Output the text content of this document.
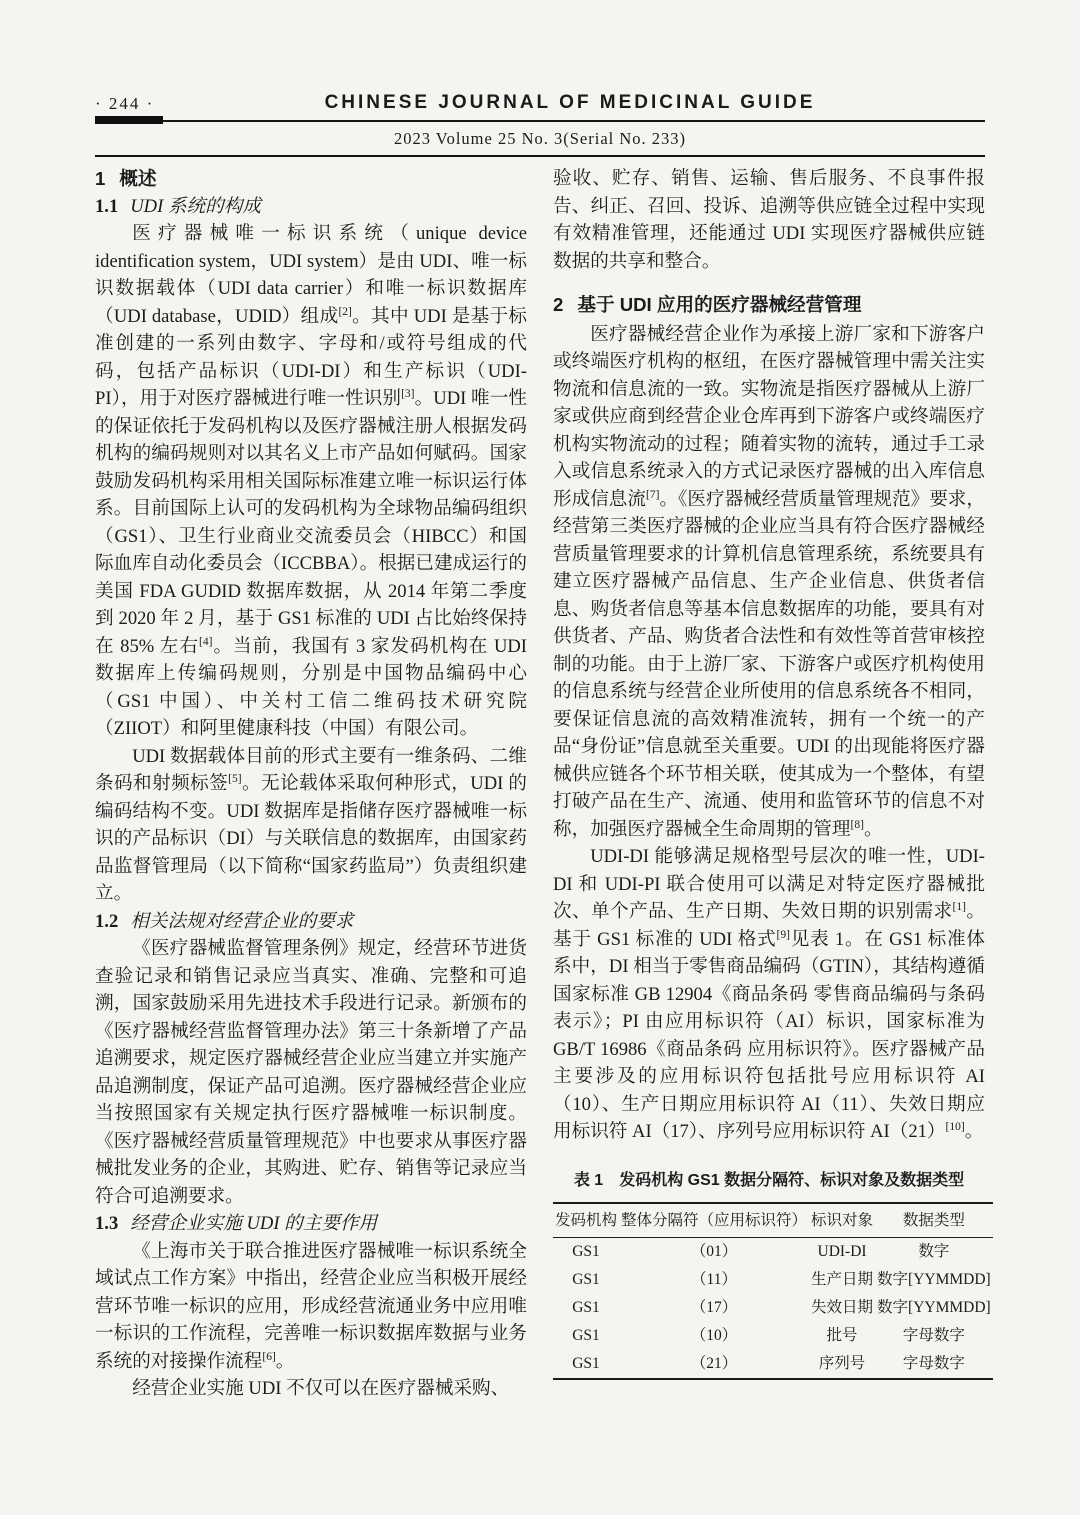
· 244 ·	CHINESE JOURNAL OF MEDICINAL GUIDE
2023 Volume 25 No. 3(Serial No. 233)
1 概述
1.1 UDI 系统的构成

医疗器械唯一标识系统（unique device identification system，UDI system）是由 UDI、唯一标识数据载体（UDI data carrier）和唯一标识数据库（UDI database，UDID）组成[2]。其中 UDI 是基于标准创建的一系列由数字、字母和/或符号组成的代码，包括产品标识（UDI-DI）和生产标识（UDI-PI），用于对医疗器械进行唯一性识别[3]。UDI 唯一性的保证依托于发码机构以及医疗器械注册人根据发码机构的编码规则对以其名义上市产品如何赋码。国家鼓励发码机构采用相关国际标准建立唯一标识运行体系。目前国际上认可的发码机构为全球物品编码组织（GS1）、卫生行业商业交流委员会（HIBCC）和国际血库自动化委员会（ICCBBA）。根据已建成运行的美国 FDA GUDID 数据库数据，从 2014 年第二季度到 2020 年 2 月，基于 GS1 标准的 UDI 占比始终保持在 85% 左右[4]。当前，我国有 3 家发码机构在 UDI 数据库上传编码规则，分别是中国物品编码中心（GS1 中国）、中关村工信二维码技术研究院（ZIIOT）和阿里健康科技（中国）有限公司。

UDI 数据载体目前的形式主要有一维条码、二维条码和射频标签[5]。无论载体采取何种形式，UDI 的编码结构不变。UDI 数据库是指储存医疗器械唯一标识的产品标识（DI）与关联信息的数据库，由国家药品监督管理局（以下简称“国家药监局”）负责组织建立。

1.2 相关法规对经营企业的要求

《医疗器械监督管理条例》规定，经营环节进货查验记录和销售记录应当真实、准确、完整和可追溯，国家鼓励采用先进技术手段进行记录。新颁布的《医疗器械经营监督管理办法》第三十条新增了产品追溯要求，规定医疗器械经营企业应当建立并实施产品追溯制度，保证产品可追溯。医疗器械经营企业应当按照国家有关规定执行医疗器械唯一标识制度。《医疗器械经营质量管理规范》中也要求从事医疗器械批发业务的企业，其购进、贮存、销售等记录应当符合可追溯要求。

1.3 经营企业实施 UDI 的主要作用

《上海市关于联合推进医疗器械唯一标识系统全域试点工作方案》中指出，经营企业应当积极开展经营环节唯一标识的应用，形成经营流通业务中应用唯一标识的工作流程，完善唯一标识数据库数据与业务系统的对接操作流程[6]。

经营企业实施 UDI 不仅可以在医疗器械采购、

验收、贮存、销售、运输、售后服务、不良事件报告、纠正、召回、投诉、追溯等供应链全过程中实现有效精准管理，还能通过 UDI 实现医疗器械供应链数据的共享和整合。

2 基于 UDI 应用的医疗器械经营管理

医疗器械经营企业作为承接上游厂家和下游客户或终端医疗机构的枢纽，在医疗器械管理中需关注实物流和信息流的一致。实物流是指医疗器械从上游厂家或供应商到经营企业仓库再到下游客户或终端医疗机构实物流动的过程；随着实物的流转，通过手工录入或信息系统录入的方式记录医疗器械的出入库信息形成信息流[7]。《医疗器械经营质量管理规范》要求，经营第三类医疗器械的企业应当具有符合医疗器械经营质量管理要求的计算机信息管理系统，系统要具有建立医疗器械产品信息、生产企业信息、供货者信息、购货者信息等基本信息数据库的功能，要具有对供货者、产品、购货者合法性和有效性等首营审核控制的功能。由于上游厂家、下游客户或医疗机构使用的信息系统与经营企业所使用的信息系统各不相同，要保证信息流的高效精准流转，拥有一个统一的产品“身份证”信息就至关重要。UDI 的出现能将医疗器械供应链各个环节相关联，使其成为一个整体，有望打破产品在生产、流通、使用和监管环节的信息不对称，加强医疗器械全生命周期的管理[8]。

UDI-DI 能够满足规格型号层次的唯一性，UDI-DI 和 UDI-PI 联合使用可以满足对特定医疗器械批次、单个产品、生产日期、失效日期的识别需求[1]。基于 GS1 标准的 UDI 格式[9]见表 1。在 GS1 标准体系中，DI 相当于零售商品编码（GTIN），其结构遵循国家标准 GB 12904《商品条码 零售商品编码与条码表示》；PI 由应用标识符（AI）标识，国家标准为 GB/T 16986《商品条码 应用标识符》。医疗器械产品主要涉及的应用标识符包括批号应用标识符 AI（10）、生产日期应用标识符 AI（11）、失效日期应用标识符 AI（17）、序列号应用标识符 AI（21）[10]。

表 1　发码机构 GS1 数据分隔符、标识对象及数据类型
发码机构	整体分隔符（应用标识符）	标识对象	数据类型
GS1	（01）	UDI-DI	数字
GS1	（11）	生产日期	数字[YYMMDD]
GS1	（17）	失效日期	数字[YYMMDD]
GS1	（10）	批号	字母数字
GS1	（21）	序列号	字母数字
